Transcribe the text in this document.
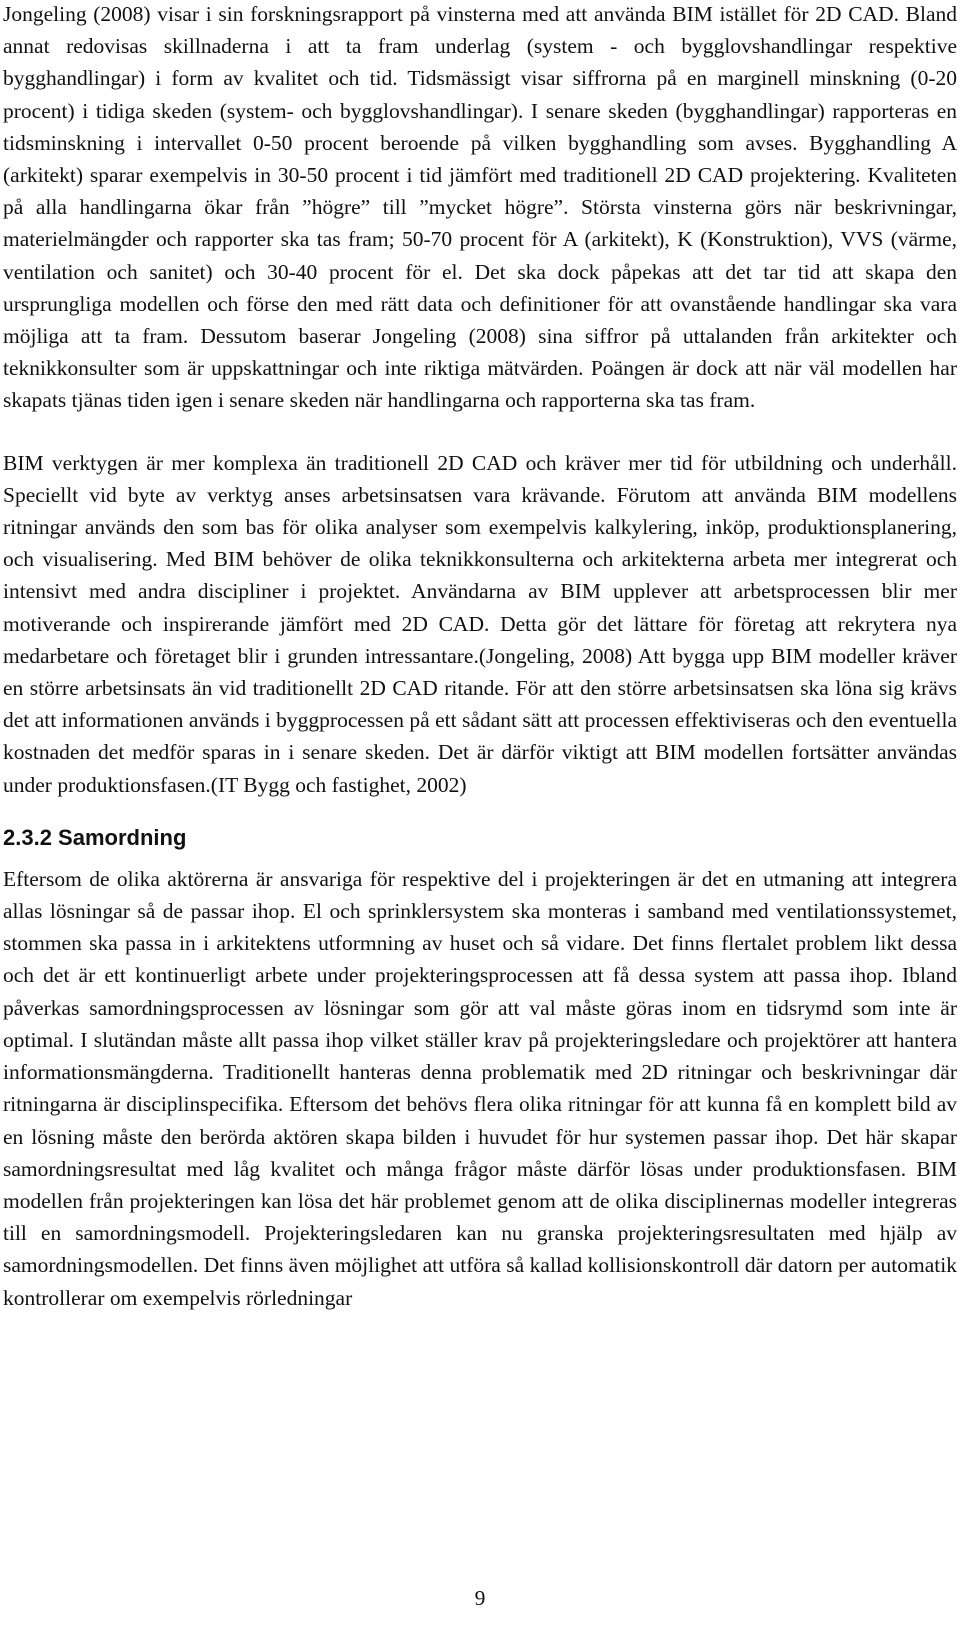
Jongeling (2008) visar i sin forskningsrapport på vinsterna med att använda BIM istället för 2D CAD. Bland annat redovisas skillnaderna i att ta fram underlag (system - och bygglovshandlingar respektive bygghandlingar) i form av kvalitet och tid. Tidsmässigt visar siffrorna på en marginell minskning (0-20 procent) i tidiga skeden (system- och bygglovshandlingar). I senare skeden (bygghandlingar) rapporteras en tidsminskning i intervallet 0-50 procent beroende på vilken bygghandling som avses. Bygghandling A (arkitekt) sparar exempelvis in 30-50 procent i tid jämfört med traditionell 2D CAD projektering. Kvaliteten på alla handlingarna ökar från ”högre” till ”mycket högre”. Största vinsterna görs när beskrivningar, materielmängder och rapporter ska tas fram; 50-70 procent för A (arkitekt), K (Konstruktion), VVS (värme, ventilation och sanitet) och 30-40 procent för el. Det ska dock påpekas att det tar tid att skapa den ursprungliga modellen och förse den med rätt data och definitioner för att ovanstående handlingar ska vara möjliga att ta fram. Dessutom baserar Jongeling (2008) sina siffror på uttalanden från arkitekter och teknikkonsulter som är uppskattningar och inte riktiga mätvärden. Poängen är dock att när väl modellen har skapats tjänas tiden igen i senare skeden när handlingarna och rapporterna ska tas fram.

BIM verktygen är mer komplexa än traditionell 2D CAD och kräver mer tid för utbildning och underhåll. Speciellt vid byte av verktyg anses arbetsinsatsen vara krävande. Förutom att använda BIM modellens ritningar används den som bas för olika analyser som exempelvis kalkylering, inköp, produktionsplanering, och visualisering. Med BIM behöver de olika teknikkonsulterna och arkitekterna arbeta mer integrerat och intensivt med andra discipliner i projektet. Användarna av BIM upplever att arbetsprocessen blir mer motiverande och inspirerande jämfört med 2D CAD. Detta gör det lättare för företag att rekrytera nya medarbetare och företaget blir i grunden intressantare.(Jongeling, 2008) Att bygga upp BIM modeller kräver en större arbetsinsats än vid traditionellt 2D CAD ritande. För att den större arbetsinsatsen ska löna sig krävs det att informationen används i byggprocessen på ett sådant sätt att processen effektiviseras och den eventuella kostnaden det medför sparas in i senare skeden. Det är därför viktigt att BIM modellen fortsätter användas under produktionsfasen.(IT Bygg och fastighet, 2002)

2.3.2 Samordning

Eftersom de olika aktörerna är ansvariga för respektive del i projekteringen är det en utmaning att integrera allas lösningar så de passar ihop. El och sprinklersystem ska monteras i samband med ventilationssystemet, stommen ska passa in i arkitektens utformning av huset och så vidare. Det finns flertalet problem likt dessa och det är ett kontinuerligt arbete under projekteringsprocessen att få dessa system att passa ihop. Ibland påverkas samordningsprocessen av lösningar som gör att val måste göras inom en tidsrymd som inte är optimal. I slutändan måste allt passa ihop vilket ställer krav på projekteringsledare och projektörer att hantera informationsmängderna. Traditionellt hanteras denna problematik med 2D ritningar och beskrivningar där ritningarna är disciplinspecifika. Eftersom det behövs flera olika ritningar för att kunna få en komplett bild av en lösning måste den berörda aktören skapa bilden i huvudet för hur systemen passar ihop. Det här skapar samordningsresultat med låg kvalitet och många frågor måste därför lösas under produktionsfasen. BIM modellen från projekteringen kan lösa det här problemet genom att de olika disciplinernas modeller integreras till en samordningsmodell. Projekteringsledaren kan nu granska projekteringsresultaten med hjälp av samordningsmodellen. Det finns även möjlighet att utföra så kallad kollisionskontroll där datorn per automatik kontrollerar om exempelvis rörledningar

9
